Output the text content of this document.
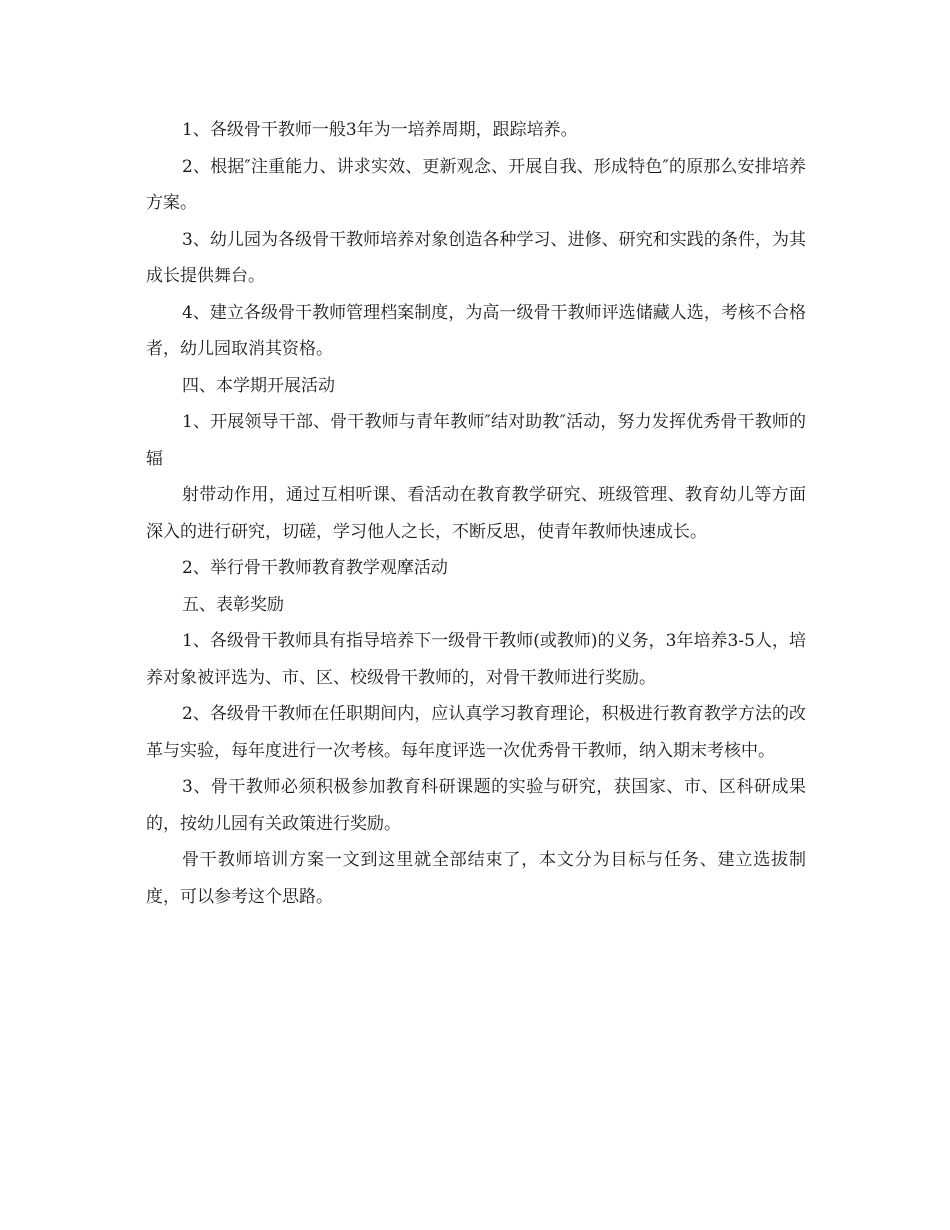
1、各级骨干教师一般3年为一培养周期，跟踪培养。

2、根据″注重能力、讲求实效、更新观念、开展自我、形成特色″的原那么安排培养方案。

3、幼儿园为各级骨干教师培养对象创造各种学习、进修、研究和实践的条件，为其成长提供舞台。

4、建立各级骨干教师管理档案制度，为高一级骨干教师评选储藏人选，考核不合格者，幼儿园取消其资格。

四、本学期开展活动

1、开展领导干部、骨干教师与青年教师″结对助教″活动，努力发挥优秀骨干教师的辐

射带动作用，通过互相听课、看活动在教育教学研究、班级管理、教育幼儿等方面深入的进行研究，切磋，学习他人之长，不断反思，使青年教师快速成长。

2、举行骨干教师教育教学观摩活动

五、表彰奖励

1、各级骨干教师具有指导培养下一级骨干教师(或教师)的义务，3年培养3-5人，培养对象被评选为、市、区、校级骨干教师的，对骨干教师进行奖励。

2、各级骨干教师在任职期间内，应认真学习教育理论，积极进行教育教学方法的改革与实验，每年度进行一次考核。每年度评选一次优秀骨干教师，纳入期末考核中。

3、骨干教师必须积极参加教育科研课题的实验与研究，获国家、市、区科研成果的，按幼儿园有关政策进行奖励。

骨干教师培训方案一文到这里就全部结束了，本文分为目标与任务、建立选拔制度，可以参考这个思路。
